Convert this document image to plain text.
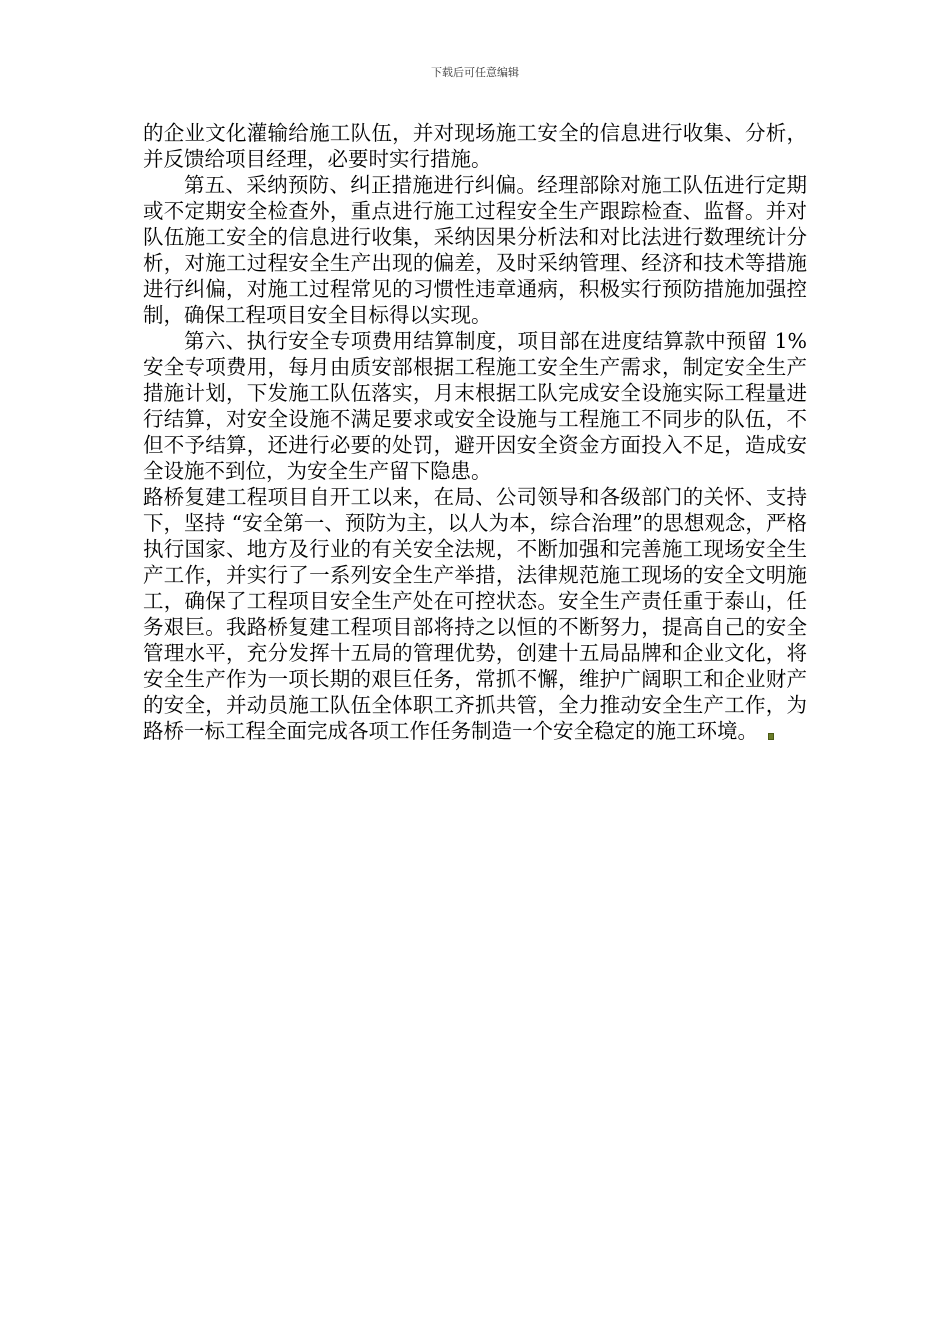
下载后可任意编辑

的企业文化灌输给施工队伍，并对现场施工安全的信息进行收集、分析，并反馈给项目经理，必要时实行措施。

第五、采纳预防、纠正措施进行纠偏。经理部除对施工队伍进行定期或不定期安全检查外，重点进行施工过程安全生产跟踪检查、监督。并对队伍施工安全的信息进行收集，采纳因果分析法和对比法进行数理统计分析，对施工过程安全生产出现的偏差，及时采纳管理、经济和技术等措施进行纠偏，对施工过程常见的习惯性违章通病，积极实行预防措施加强控制，确保工程项目安全目标得以实现。

第六、执行安全专项费用结算制度，项目部在进度结算款中预留 1%安全专项费用，每月由质安部根据工程施工安全生产需求，制定安全生产措施计划，下发施工队伍落实，月末根据工队完成安全设施实际工程量进行结算，对安全设施不满足要求或安全设施与工程施工不同步的队伍，不但不予结算，还进行必要的处罚，避开因安全资金方面投入不足，造成安全设施不到位，为安全生产留下隐患。

路桥复建工程项目自开工以来，在局、公司领导和各级部门的关怀、支持下，坚持 “安全第一、预防为主，以人为本，综合治理”的思想观念，严格执行国家、地方及行业的有关安全法规，不断加强和完善施工现场安全生产工作，并实行了一系列安全生产举措，法律规范施工现场的安全文明施工，确保了工程项目安全生产处在可控状态。安全生产责任重于泰山，任务艰巨。我路桥复建工程项目部将持之以恒的不断努力，提高自己的安全管理水平，充分发挥十五局的管理优势，创建十五局品牌和企业文化，将安全生产作为一项长期的艰巨任务，常抓不懈，维护广阔职工和企业财产的安全，并动员施工队伍全体职工齐抓共管，全力推动安全生产工作，为路桥一标工程全面完成各项工作任务制造一个安全稳定的施工环境。
